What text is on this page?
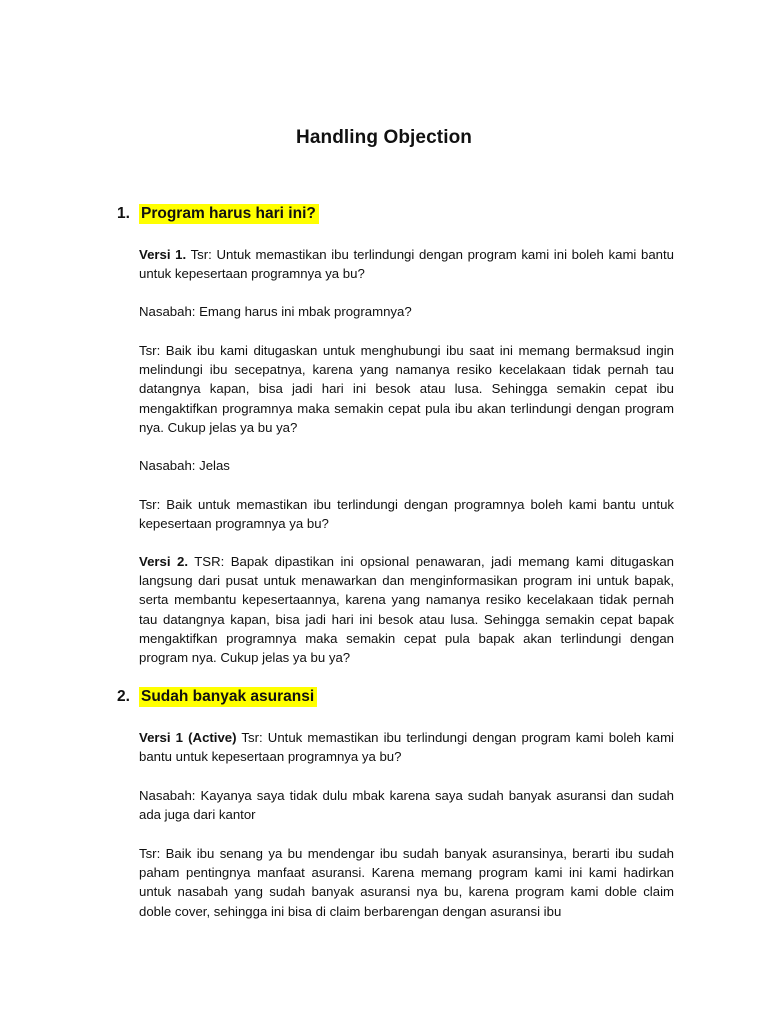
Handling Objection
1. Program harus hari ini?
Versi 1. Tsr: Untuk memastikan ibu terlindungi dengan program kami ini boleh kami bantu untuk kepesertaan programnya ya bu?
Nasabah: Emang harus ini mbak programnya?
Tsr: Baik ibu kami ditugaskan untuk menghubungi ibu saat ini memang bermaksud ingin melindungi ibu secepatnya, karena yang namanya resiko kecelakaan tidak pernah tau datangnya kapan, bisa jadi hari ini besok atau lusa. Sehingga semakin cepat ibu mengaktifkan programnya maka semakin cepat pula ibu akan terlindungi dengan program nya. Cukup jelas ya bu ya?
Nasabah: Jelas
Tsr: Baik untuk memastikan ibu terlindungi dengan programnya boleh kami bantu untuk kepesertaan programnya ya bu?
Versi 2. TSR: Bapak dipastikan ini opsional penawaran, jadi memang kami ditugaskan langsung dari pusat untuk menawarkan dan menginformasikan program ini untuk bapak, serta membantu kepesertaannya, karena yang namanya resiko kecelakaan tidak pernah tau datangnya kapan, bisa jadi hari ini besok atau lusa. Sehingga semakin cepat bapak mengaktifkan programnya maka semakin cepat pula bapak akan terlindungi dengan program nya. Cukup jelas ya bu ya?
2. Sudah banyak asuransi
Versi 1 (Active) Tsr: Untuk memastikan ibu terlindungi dengan program kami boleh kami bantu untuk kepesertaan programnya ya bu?
Nasabah: Kayanya saya tidak dulu mbak karena saya sudah banyak asuransi dan sudah ada juga dari kantor
Tsr: Baik ibu senang ya bu mendengar ibu sudah banyak asuransinya, berarti ibu sudah paham pentingnya manfaat asuransi. Karena memang program kami ini kami hadirkan untuk nasabah yang sudah banyak asuransi nya bu, karena program kami doble claim doble cover, sehingga ini bisa di claim berbarengan dengan asuransi ibu
